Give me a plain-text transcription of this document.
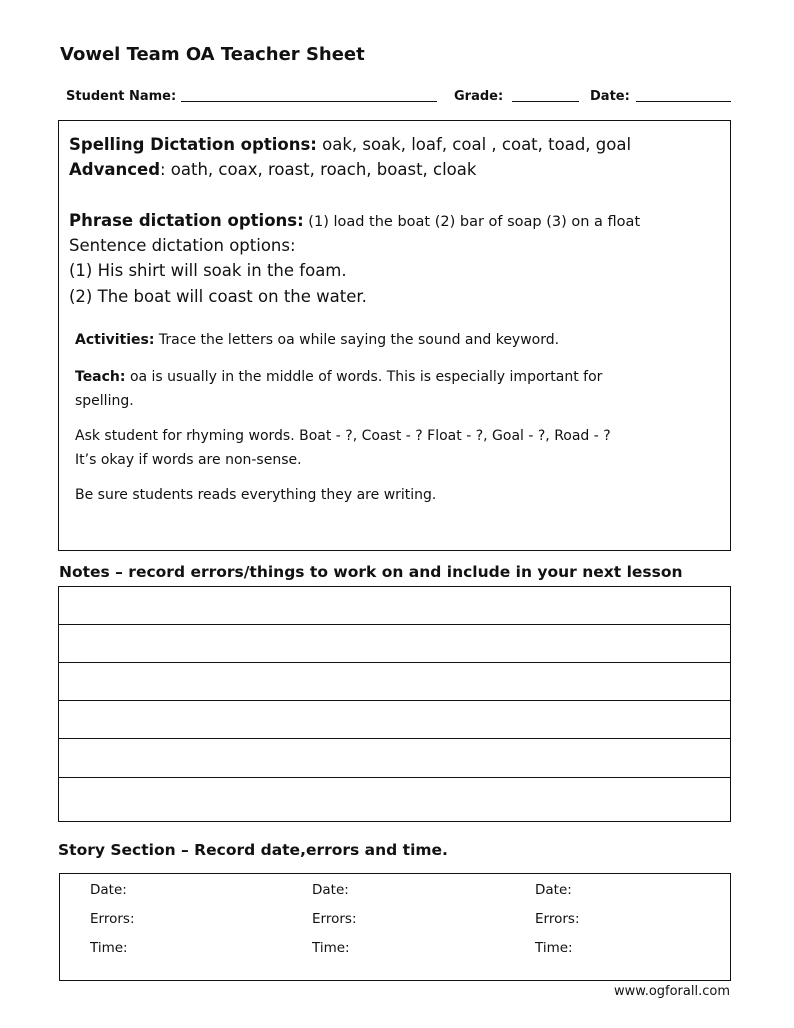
Vowel Team OA Teacher Sheet
Student Name:	Grade:	Date:
Spelling Dictation options: oak, soak, loaf, coal , coat, toad, goal
Advanced: oath, coax, roast, roach, boast, cloak
Phrase dictation options: (1) load the boat (2) bar of soap (3) on a float
Sentence dictation options:
(1) His shirt will soak in the foam.
(2) The boat will coast on the water.
Activities: Trace the letters oa while saying the sound and keyword.
Teach: oa is usually in the middle of words. This is especially important for
spelling.
Ask student for rhyming words. Boat - ?, Coast - ? Float - ?, Goal - ?, Road - ?
It’s okay if words are non-sense.
Be sure students reads everything they are writing.
Notes – record errors/things to work on and include in your next lesson
Story Section – Record date,errors and time.
Date:
Errors:
Time:
Date:
Errors:
Time:
Date:
Errors:
Time:
www.ogforall.com
